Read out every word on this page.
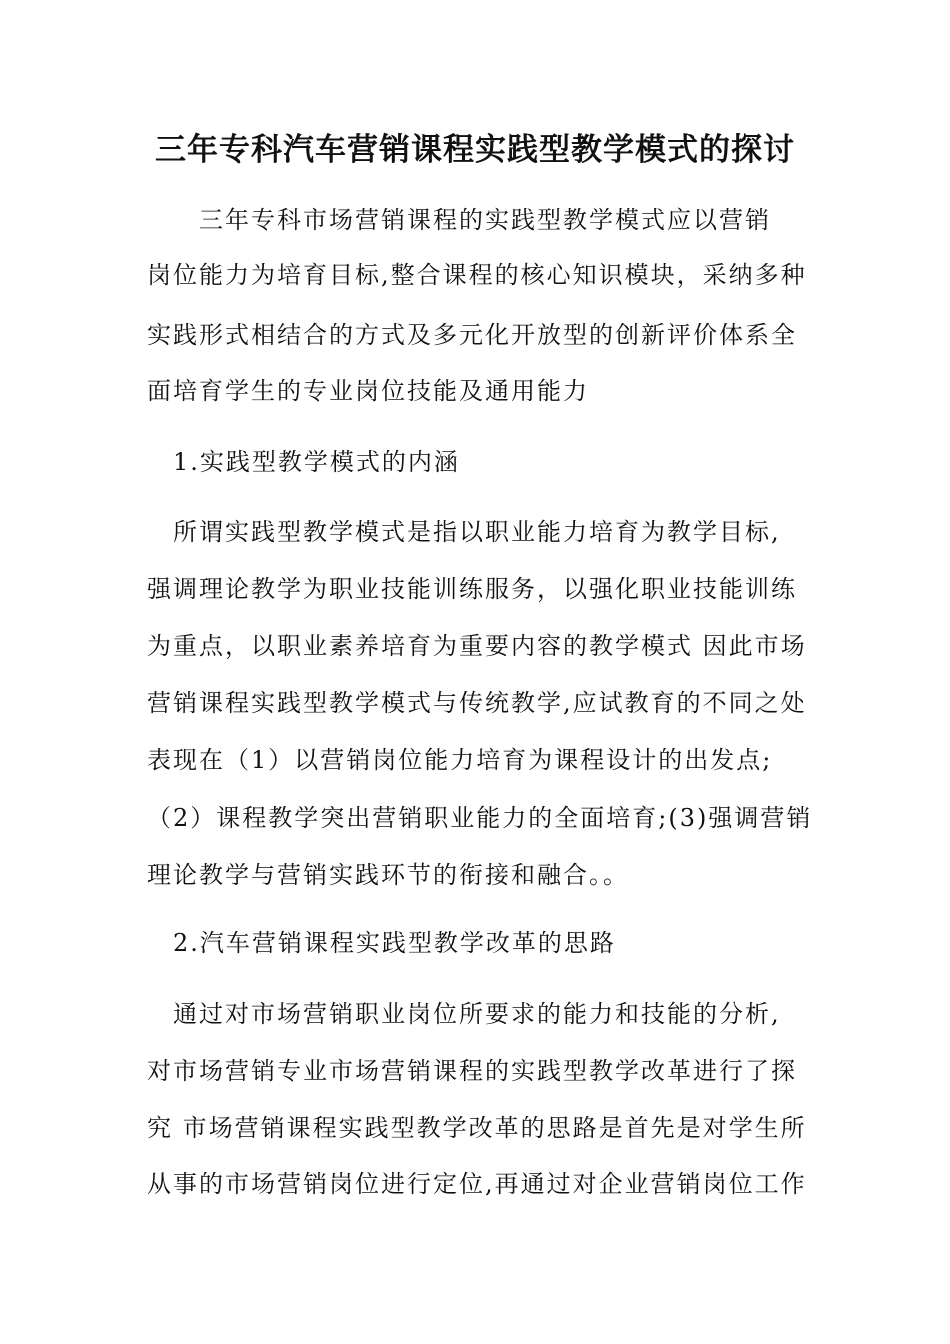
三年专科汽车营销课程实践型教学模式的探讨
　　三年专科市场营销课程的实践型教学模式应以营销
岗位能力为培育目标,整合课程的核心知识模块，采纳多种
实践形式相结合的方式及多元化开放型的创新评价体系全
面培育学生的专业岗位技能及通用能力
　1.实践型教学模式的内涵
　所谓实践型教学模式是指以职业能力培育为教学目标,
强调理论教学为职业技能训练服务，以强化职业技能训练
为重点，以职业素养培育为重要内容的教学模式 因此市场
营销课程实践型教学模式与传统教学,应试教育的不同之处
表现在（1）以营销岗位能力培育为课程设计的出发点;
（2）课程教学突出营销职业能力的全面培育;(3)强调营销
理论教学与营销实践环节的衔接和融合。。
　2.汽车营销课程实践型教学改革的思路
　通过对市场营销职业岗位所要求的能力和技能的分析,
对市场营销专业市场营销课程的实践型教学改革进行了探
究 市场营销课程实践型教学改革的思路是首先是对学生所
从事的市场营销岗位进行定位,再通过对企业营销岗位工作
